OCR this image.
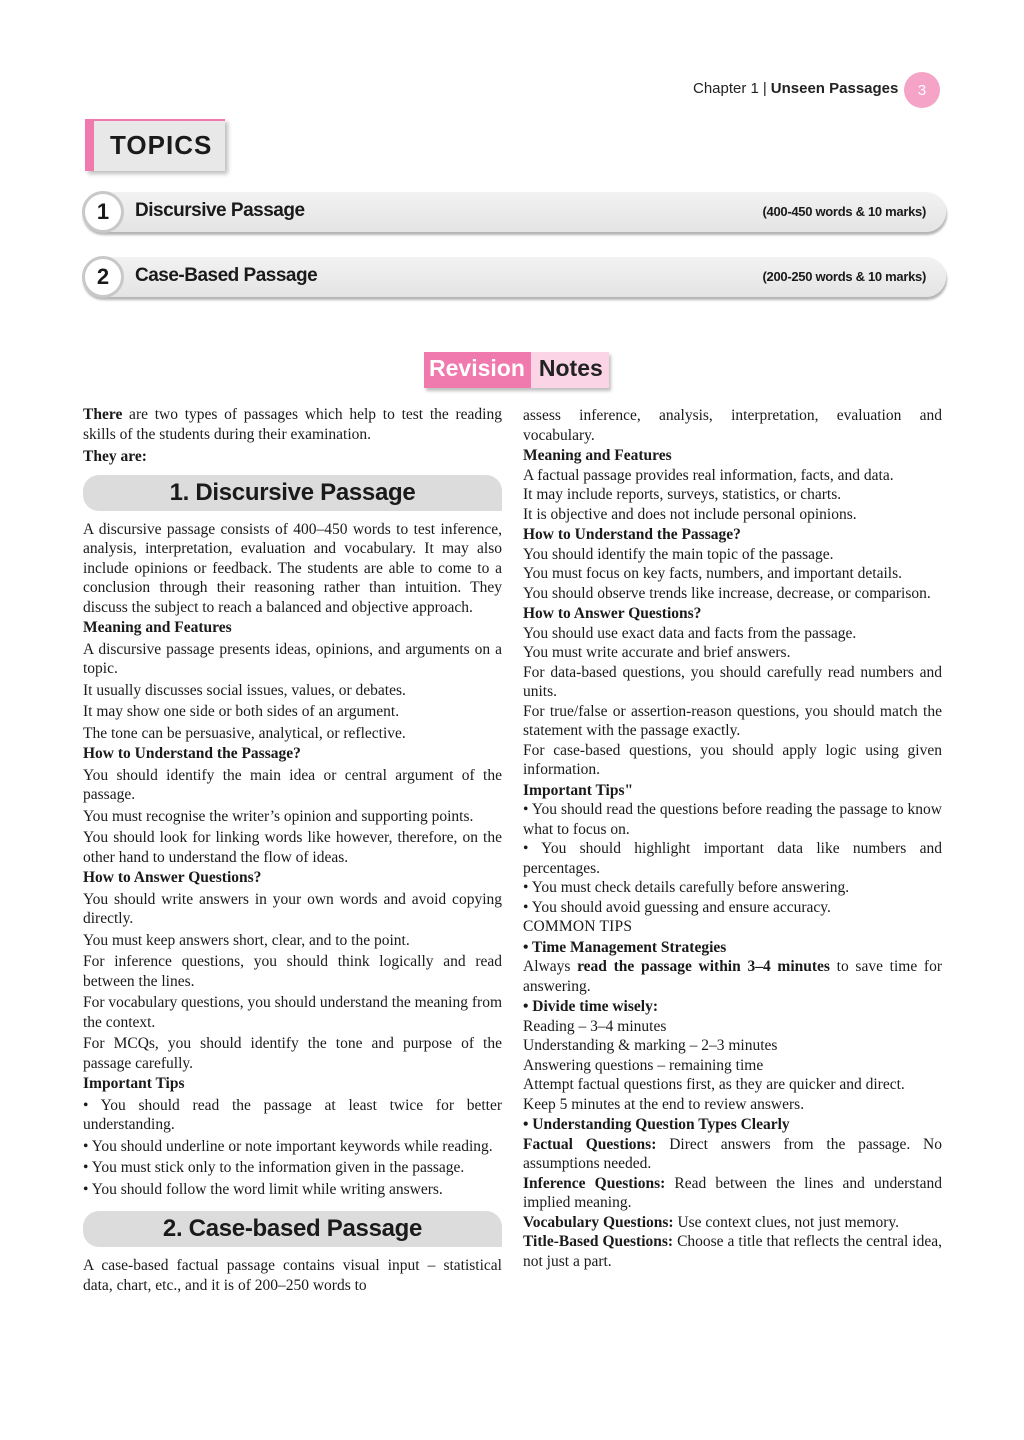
Chapter 1 | Unseen Passages	3
TOPICS
1	Discursive Passage	(400-450 words & 10 marks)
2	Case-Based Passage	(200-250 words & 10 marks)
Revision Notes

There are two types of passages which help to test the reading skills of the students during their examination.

They are:

1. Discursive Passage

A discursive passage consists of 400–450 words to test inference, analysis, interpretation, evaluation and vocabulary. It may also include opinions or feedback. The students are able to come to a conclusion through their reasoning rather than intuition. They discuss the subject to reach a balanced and objective approach.

Meaning and Features

A discursive passage presents ideas, opinions, and arguments on a topic.

It usually discusses social issues, values, or debates.

It may show one side or both sides of an argument.

The tone can be persuasive, analytical, or reflective.

How to Understand the Passage?

You should identify the main idea or central argument of the passage.

You must recognise the writer’s opinion and supporting points.

You should look for linking words like however, therefore, on the other hand to understand the flow of ideas.

How to Answer Questions?

You should write answers in your own words and avoid copying directly.

You must keep answers short, clear, and to the point.

For inference questions, you should think logically and read between the lines.

For vocabulary questions, you should understand the meaning from the context.

For MCQs, you should identify the tone and purpose of the passage carefully.

Important Tips

• You should read the passage at least twice for better understanding.

• You should underline or note important keywords while reading.

• You must stick only to the information given in the passage.

• You should follow the word limit while writing answers.

2. Case-based Passage

A case-based factual passage contains visual input – statistical data, chart, etc., and it is of 200–250 words to

assess inference, analysis, interpretation, evaluation and vocabulary.

Meaning and Features

A factual passage provides real information, facts, and data.

It may include reports, surveys, statistics, or charts.

It is objective and does not include personal opinions.

How to Understand the Passage?

You should identify the main topic of the passage.

You must focus on key facts, numbers, and important details.

You should observe trends like increase, decrease, or comparison.

How to Answer Questions?

You should use exact data and facts from the passage.

You must write accurate and brief answers.

For data-based questions, you should carefully read numbers and units.

For true/false or assertion-reason questions, you should match the statement with the passage exactly.

For case-based questions, you should apply logic using given information.

Important Tips"

• You should read the questions before reading the passage to know what to focus on.

• You should highlight important data like numbers and percentages.

• You must check details carefully before answering.

• You should avoid guessing and ensure accuracy.

COMMON TIPS

• Time Management Strategies

Always read the passage within 3–4 minutes to save time for answering.

• Divide time wisely:

Reading – 3–4 minutes

Understanding & marking – 2–3 minutes

Answering questions – remaining time

Attempt factual questions first, as they are quicker and direct.

Keep 5 minutes at the end to review answers.

• Understanding Question Types Clearly

Factual Questions: Direct answers from the passage. No assumptions needed.

Inference Questions: Read between the lines and understand implied meaning.

Vocabulary Questions: Use context clues, not just memory.

Title-Based Questions: Choose a title that reflects the central idea, not just a part.
